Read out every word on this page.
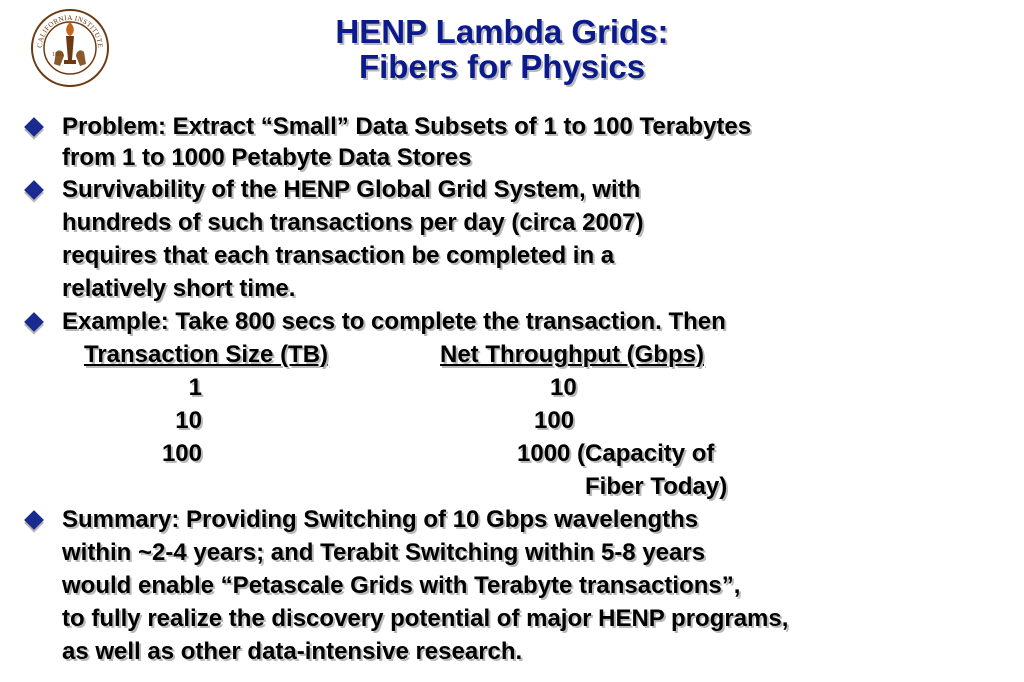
CALIFORNIA INSTITUTE
1891
HENP Lambda Grids:
Fibers for Physics
Problem: Extract “Small” Data Subsets of 1 to 100 Terabytes
from 1 to 1000 Petabyte Data Stores
Survivability of the HENP Global Grid System, with
hundreds of such transactions per day (circa 2007)
requires that each transaction be completed in a
relatively short time.
Example: Take 800 secs to complete the transaction. Then
Transaction Size (TB)	Net Throughput (Gbps)
1	10
10	100
100	1000 (Capacity of
Fiber Today)
Summary: Providing Switching of 10 Gbps wavelengths
within ~2-4 years; and Terabit Switching within 5-8 years
would enable “Petascale Grids with Terabyte transactions”,
to fully realize the discovery potential of major HENP programs,
as well as other data-intensive research.
